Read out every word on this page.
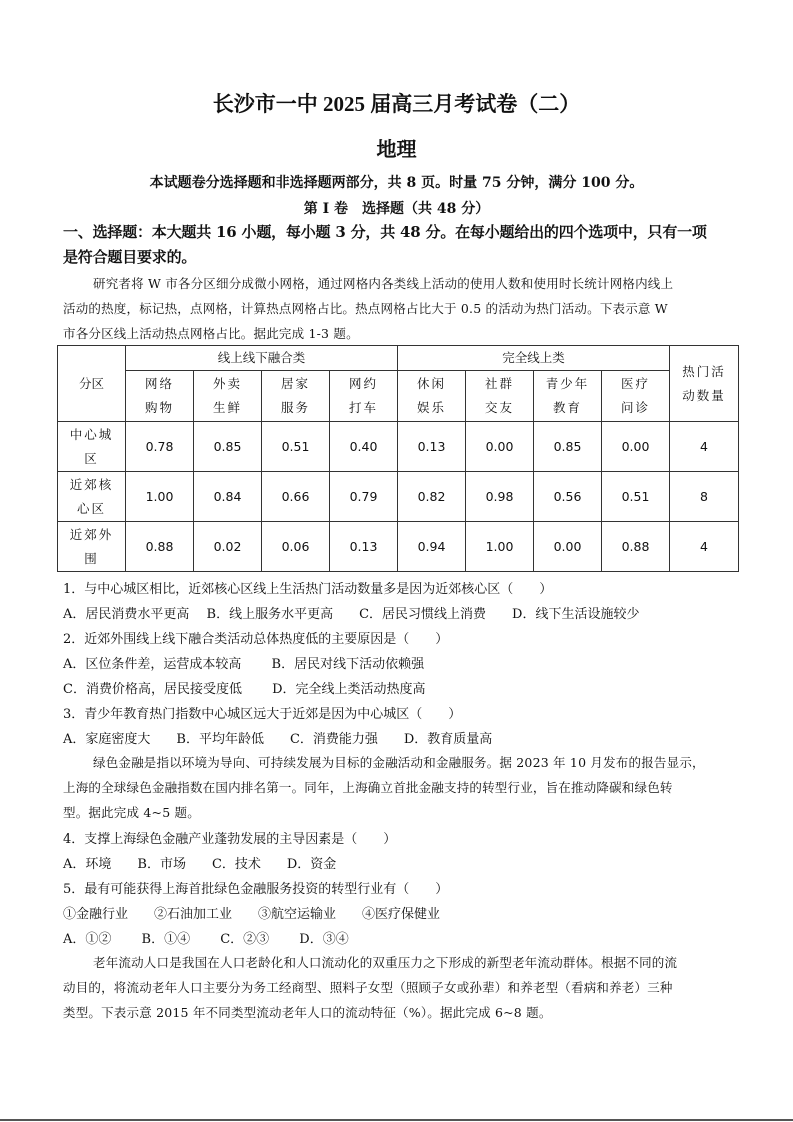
长沙市一中 2025 届高三月考试卷（二）
地理
本试题卷分选择题和非选择题两部分，共 8 页。时量 75 分钟，满分 100 分。
第 I 卷　选择题（共 48 分）
一、选择题：本大题共 16 小题，每小题 3 分，共 48 分。在每小题给出的四个选项中，只有一项
是符合题目要求的。
研究者将 W 市各分区细分成微小网格，通过网格内各类线上活动的使用人数和使用时长统计网格内线上
活动的热度，标记热，点网格，计算热点网格占比。热点网格占比大于 0.5 的活动为热门活动。下表示意 W
市各分区线上活动热点网格占比。据此完成 1-3 题。
分区	线上线下融合类				完全线上类				热门活动数量

	网络购物	外卖生鲜	居家服务	网约打车	休闲娱乐	社群交友	青少年教育	医疗问诊	

中心城区	0.78	0.85	0.51	0.40	0.13	0.00	0.85	0.00	4

近郊核心区	1.00	0.84	0.66	0.79	0.82	0.98	0.56	0.51	8

近郊外围	0.88	0.02	0.06	0.13	0.94	1.00	0.00	0.88	4
1．与中心城区相比，近郊核心区线上生活热门活动数量多是因为近郊核心区（　　）
A．居民消费水平更高　 B．线上服务水平更高　　C．居民习惯线上消费　　D．线下生活设施较少
2．近郊外围线上线下融合类活动总体热度低的主要原因是（　　）
A．区位条件差，运营成本较高　　 B．居民对线下活动依赖强
C．消费价格高，居民接受度低　　 D．完全线上类活动热度高
3．青少年教育热门指数中心城区远大于近郊是因为中心城区（　　）
A．家庭密度大　　B．平均年龄低　　C．消费能力强　　D．教育质量高
绿色金融是指以环境为导向、可持续发展为目标的金融活动和金融服务。据 2023 年 10 月发布的报告显示，
上海的全球绿色金融指数在国内排名第一。同年，上海确立首批金融支持的转型行业，旨在推动降碳和绿色转
型。据此完成 4~5 题。
4．支撑上海绿色金融产业蓬勃发展的主导因素是（　　）
A．环境　　B．市场　　C．技术　　D．资金
5．最有可能获得上海首批绿色金融服务投资的转型行业有（　　）
①金融行业　　②石油加工业　　③航空运输业　　④医疗保健业
A．①②　　 B．①④　　 C．②③　　 D．③④
老年流动人口是我国在人口老龄化和人口流动化的双重压力之下形成的新型老年流动群体。根据不同的流
动目的，将流动老年人口主要分为务工经商型、照料子女型（照顾子女或孙辈）和养老型（看病和养老）三种
类型。下表示意 2015 年不同类型流动老年人口的流动特征（%）。据此完成 6~8 题。
